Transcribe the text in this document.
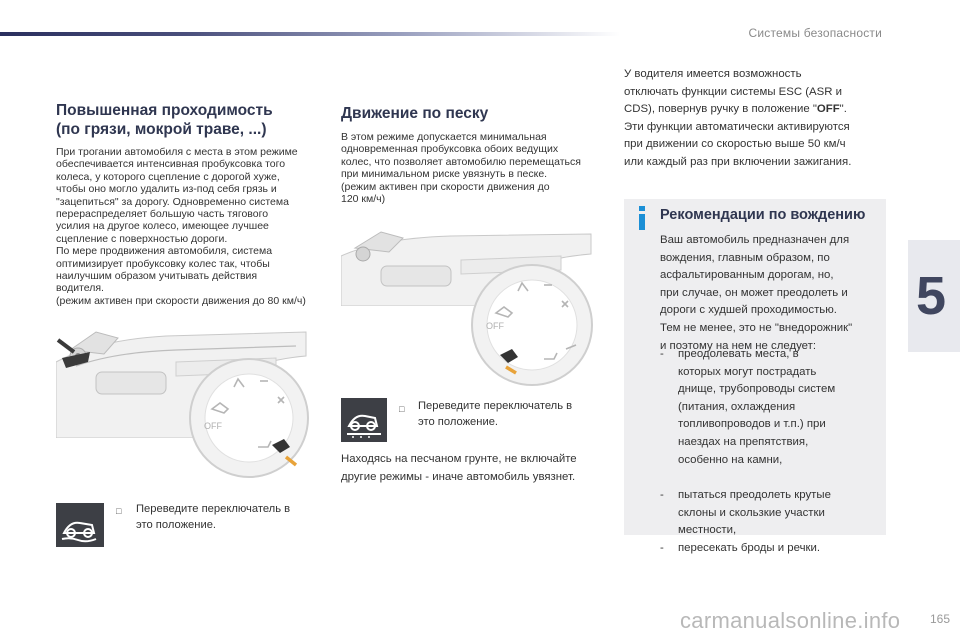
Системы безопасности
5
Повышенная проходимость
(по грязи, мокрой траве, ...)
При трогании автомобиля с места в этом режиме
обеспечивается интенсивная пробуксовка того
колеса, у которого сцепление с дорогой хуже,
чтобы оно могло удалить из-под себя грязь и
"зацепиться" за дорогу. Одновременно система
перераспределяет большую часть тягового
усилия на другое колесо, имеющее лучшее
сцепление с поверхностью дороги.
По мере продвижения автомобиля, система
оптимизирует пробуксовку колес так, чтобы
наилучшим образом учитывать действия
водителя.
(режим активен при скорости движения до 80 км/ч)
OFF
□ Переведите переключатель в
это положение.
Движение по песку
В этом режиме допускается минимальная
одновременная пробуксовка обоих ведущих
колес, что позволяет автомобилю перемещаться
при минимальном риске увязнуть в песке.
(режим активен при скорости движения до
120 км/ч)
OFF
□ Переведите переключатель в
это положение.
Находясь на песчаном грунте, не включайте
другие режимы - иначе автомобиль увязнет.
У водителя имеется возможность
отключать функции системы ESC (ASR и
CDS), повернув ручку в положение "OFF".
Эти функции автоматически активируются
при движении со скоростью выше 50 км/ч
или каждый раз при включении зажигания.
Рекомендации по вождению
Ваш автомобиль предназначен для
вождения, главным образом, по
асфальтированным дорогам, но,
при случае, он может преодолеть и
дороги с худшей проходимостью.
Тем не менее, это не "внедорожник"
и поэтому на нем не следует:
- преодолевать места, в
которых могут пострадать
днище, трубопроводы систем
(питания, охлаждения
топливопроводов и т.п.) при
наездах на препятствия,
особенно на камни,
- пытаться преодолеть крутые
склоны и скользкие участки
местности,
- пересекать броды и речки.
carmanualsonline.info 165
